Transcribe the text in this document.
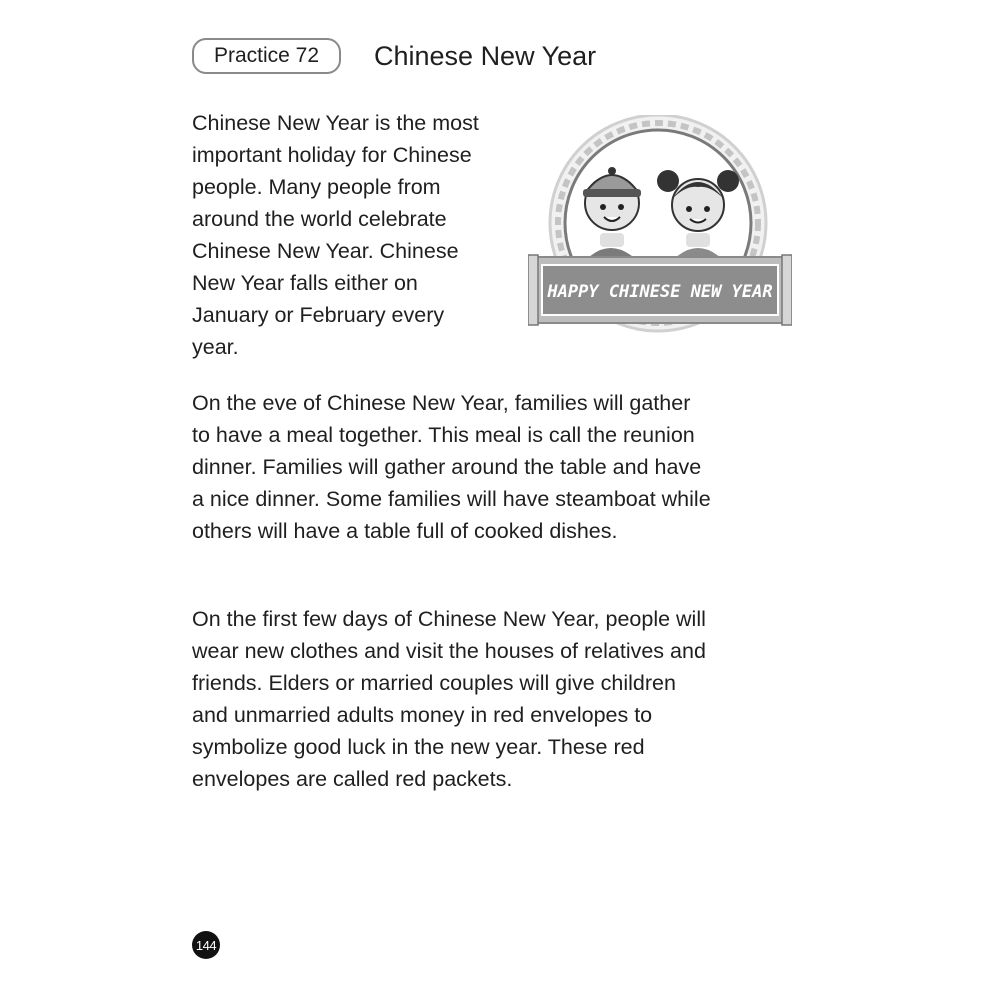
Practice 72	Chinese New Year

Chinese New Year is the most important holiday for Chinese people. Many people from around the world celebrate Chinese New Year. Chinese New Year falls either on January or February every year.

HAPPY CHINESE NEW YEAR

On the eve of Chinese New Year, families will gather to have a meal together. This meal is call the reunion dinner. Families will gather around the table and have a nice dinner. Some families will have steamboat while others will have a table full of cooked dishes.

On the first few days of Chinese New Year, people will wear new clothes and visit the houses of relatives and friends. Elders or married couples will give children and unmarried adults money in red envelopes to symbolize good luck in the new year. These red envelopes are called red packets.

144
